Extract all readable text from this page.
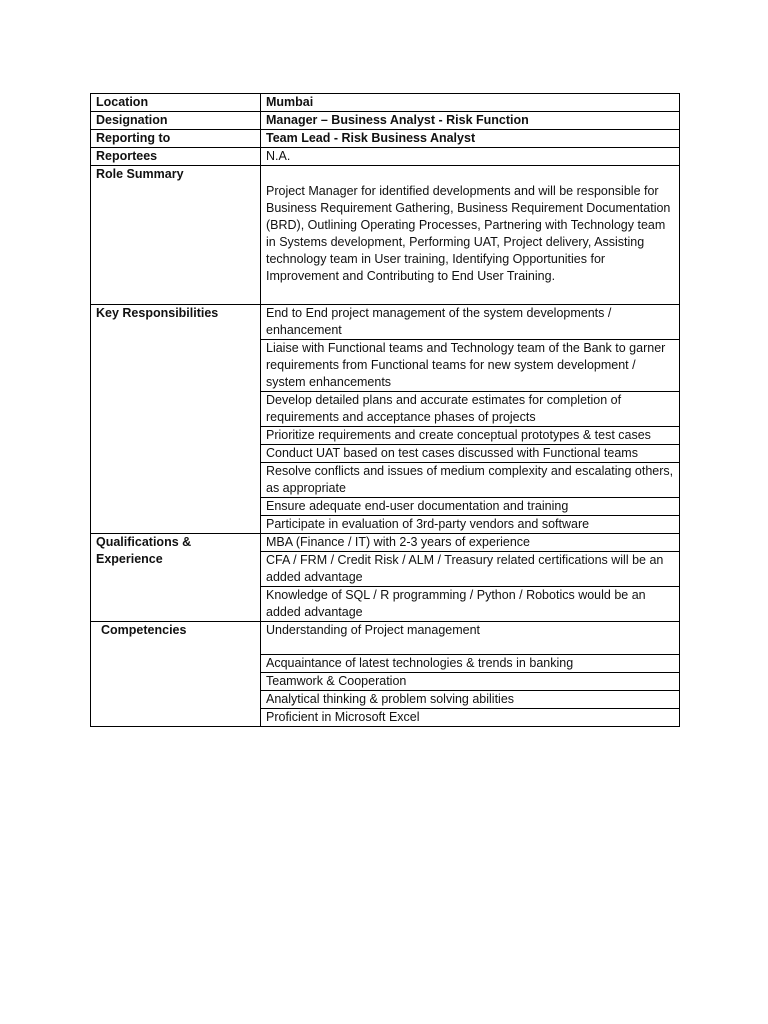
Location	Mumbai
Designation	Manager – Business Analyst - Risk Function
Reporting to	Team Lead - Risk Business Analyst
Reportees	N.A.
Role Summary	Project Manager for identified developments and will be responsible for Business Requirement Gathering, Business Requirement Documentation (BRD), Outlining Operating Processes, Partnering with Technology team in Systems development, Performing UAT, Project delivery, Assisting technology team in User training, Identifying Opportunities for Improvement and Contributing to End User Training.
Key Responsibilities	End to End project management of the system developments / enhancement
	Liaise with Functional teams and Technology team of the Bank to garner requirements from Functional teams for new system development / system enhancements
	Develop detailed plans and accurate estimates for completion of requirements and acceptance phases of projects
	Prioritize requirements and create conceptual prototypes & test cases
	Conduct UAT based on test cases discussed with Functional teams
	Resolve conflicts and issues of medium complexity and escalating others, as appropriate
	Ensure adequate end-user documentation and training
	Participate in evaluation of 3rd-party vendors and software
Qualifications & Experience	MBA (Finance / IT) with 2-3 years of experience
	CFA / FRM / Credit Risk / ALM / Treasury related certifications will be an added advantage
	Knowledge of SQL / R programming / Python / Robotics would be an added advantage
Competencies	Understanding of Project management
	Acquaintance of latest technologies & trends in banking
	Teamwork & Cooperation
	Analytical thinking & problem solving abilities
	Proficient in Microsoft Excel
